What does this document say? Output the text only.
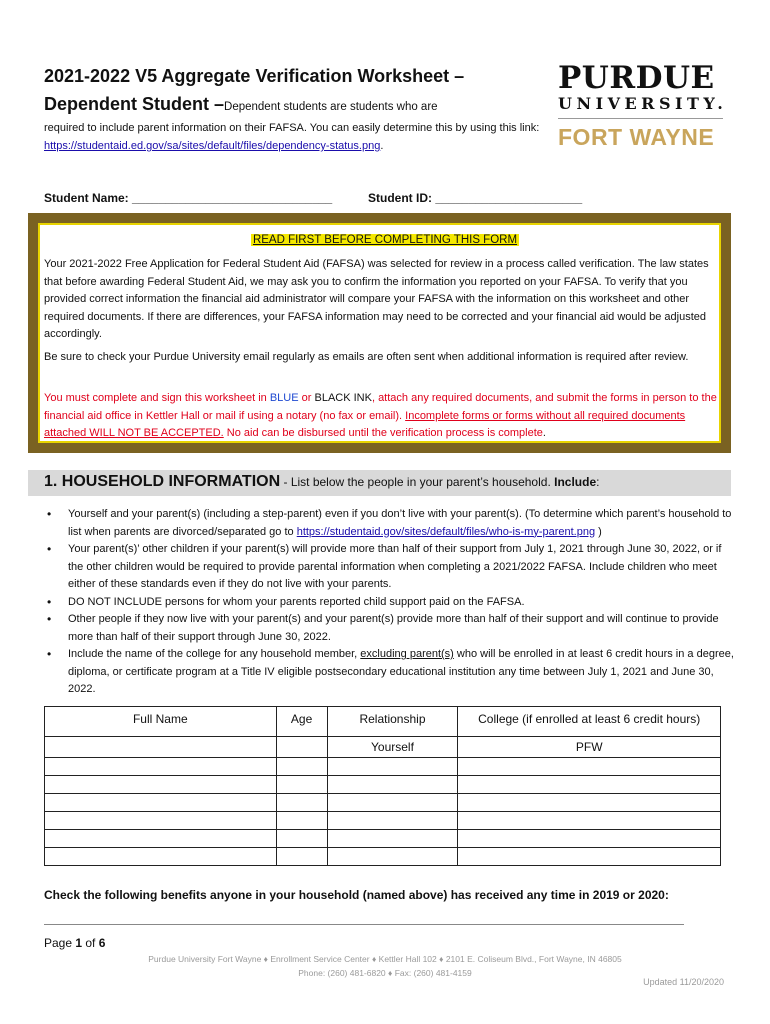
2021-2022 V5 Aggregate Verification Worksheet –
Dependent Student –Dependent students are students who are
required to include parent information on their FAFSA. You can easily determine this by using this link: https://studentaid.ed.gov/sa/sites/default/files/dependency-status.png.
PURDUE
UNIVERSITY.
FORT WAYNE
Student Name: ______________________________	Student ID: ______________________
READ FIRST BEFORE COMPLETING THIS FORM
Your 2021-2022 Free Application for Federal Student Aid (FAFSA) was selected for review in a process called verification. The law states that before awarding Federal Student Aid, we may ask you to confirm the information you reported on your FAFSA. To verify that you provided correct information the financial aid administrator will compare your FAFSA with the information on this worksheet and other required documents. If there are differences, your FAFSA information may need to be corrected and your financial aid would be adjusted accordingly.
Be sure to check your Purdue University email regularly as emails are often sent when additional information is required after review.
You must complete and sign this worksheet in BLUE or BLACK INK, attach any required documents, and submit the forms in person to the financial aid office in Kettler Hall or mail if using a notary (no fax or email). Incomplete forms or forms without all required documents attached WILL NOT BE ACCEPTED. No aid can be disbursed until the verification process is complete.
1. HOUSEHOLD INFORMATION - List below the people in your parent’s household. Include:
• Yourself and your parent(s) (including a step-parent) even if you don’t live with your parent(s). (To determine which parent’s household to list when parents are divorced/separated go to https://studentaid.gov/sites/default/files/who-is-my-parent.png )
• Your parent(s)’ other children if your parent(s) will provide more than half of their support from July 1, 2021 through June 30, 2022, or if the other children would be required to provide parental information when completing a 2021/2022 FAFSA. Include children who meet either of these standards even if they do not live with your parents.
• DO NOT INCLUDE persons for whom your parents reported child support paid on the FAFSA.
• Other people if they now live with your parent(s) and your parent(s) provide more than half of their support and will continue to provide more than half of their support through June 30, 2022.
• Include the name of the college for any household member, excluding parent(s) who will be enrolled in at least 6 credit hours in a degree, diploma, or certificate program at a Title IV eligible postsecondary educational institution any time between July 1, 2021 and June 30, 2022.
Full Name	Age	Relationship	College (if enrolled at least 6 credit hours)
		Yourself	PFW

Check the following benefits anyone in your household (named above) has received any time in 2019 or 2020:
Page 1 of 6
Purdue University Fort Wayne ♦ Enrollment Service Center ♦ Kettler Hall 102 ♦ 2101 E. Coliseum Blvd., Fort Wayne, IN 46805
Phone: (260) 481-6820 ♦ Fax: (260) 481-4159
Updated 11/20/2020
